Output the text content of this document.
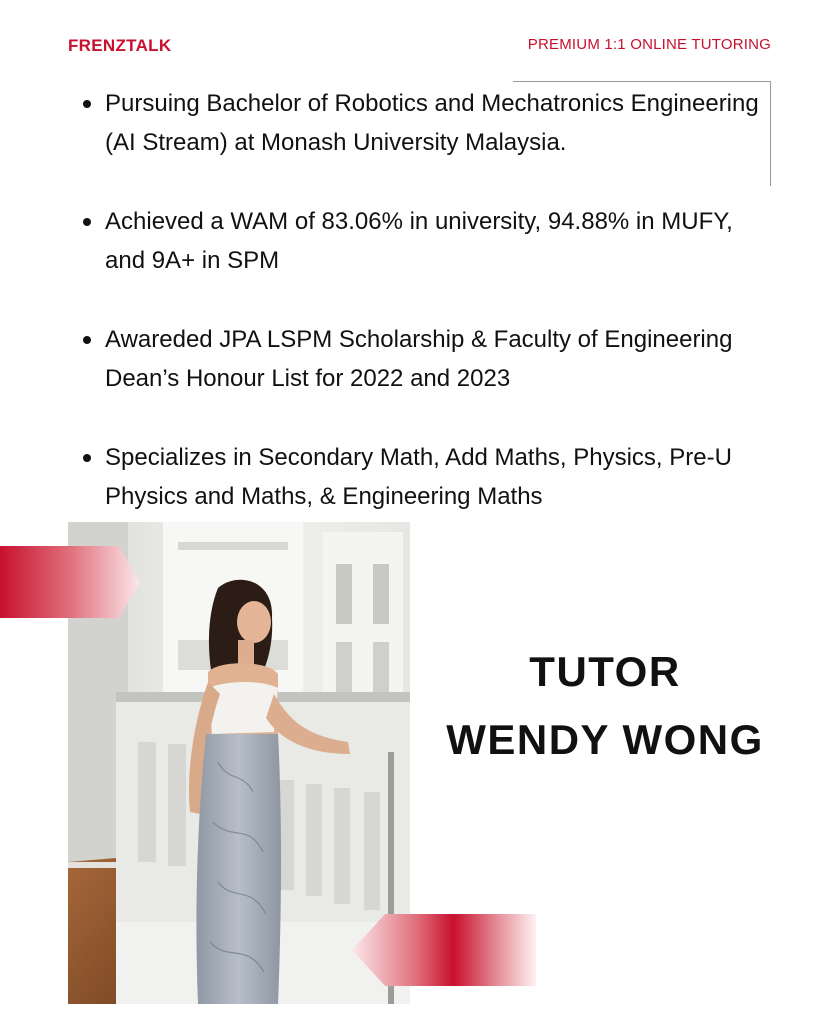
FRENZTALK	PREMIUM 1:1 ONLINE TUTORING
Pursuing Bachelor of Robotics and Mechatronics Engineering (AI Stream) at Monash University Malaysia.
Achieved a WAM of 83.06% in university, 94.88% in MUFY, and 9A+ in SPM
Awareded JPA LSPM Scholarship & Faculty of Engineering Dean’s Honour List for 2022 and 2023
Specializes in Secondary Math, Add Maths, Physics, Pre-U Physics and Maths, & Engineering Maths
TUTOR
WENDY WONG
